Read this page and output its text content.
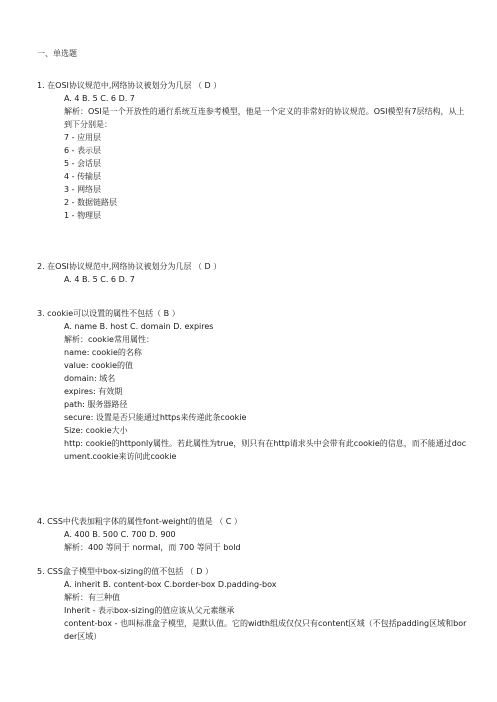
一、单选题

1. 在OSI协议规范中,网络协议被划分为几层 （ D ）

A. 4 B. 5 C. 6 D. 7

解析：OSI是一个开放性的通行系统互连参考模型，他是一个定义的非常好的协议规范。OSI模型有7层结构，从上到下分别是：

7 - 应用层

6 - 表示层

5 - 会话层

4 - 传输层

3 - 网络层

2 - 数据链路层

1 - 物理层

2. 在OSI协议规范中,网络协议被划分为几层 （ D ）

A. 4 B. 5 C. 6 D. 7

3. cookie可以设置的属性不包括（ B ）

A. name B. host C. domain D. expires

解析：cookie常用属性：

name: cookie的名称

value: cookie的值

domain: 域名

expires: 有效期

path: 服务器路径

secure: 设置是否只能通过https来传递此条cookie

Size: cookie大小

http: cookie的httponly属性。若此属性为true，则只有在http请求头中会带有此cookie的信息，而不能通过document.cookie来访问此cookie

4. CSS中代表加粗字体的属性font-weight的值是 （ C ）

A. 400 B. 500 C. 700 D. 900

解析：400 等同于 normal，而 700 等同于 bold

5. CSS盒子模型中box-sizing的值不包括 （ D ）

A. inherit B. content-box C.border-box D.padding-box

解析：有三种值

Inherit - 表示box-sizing的值应该从父元素继承

content-box - 也叫标准盒子模型，是默认值。它的width组成仅仅只有content区域（不包括padding区域和border区域）
